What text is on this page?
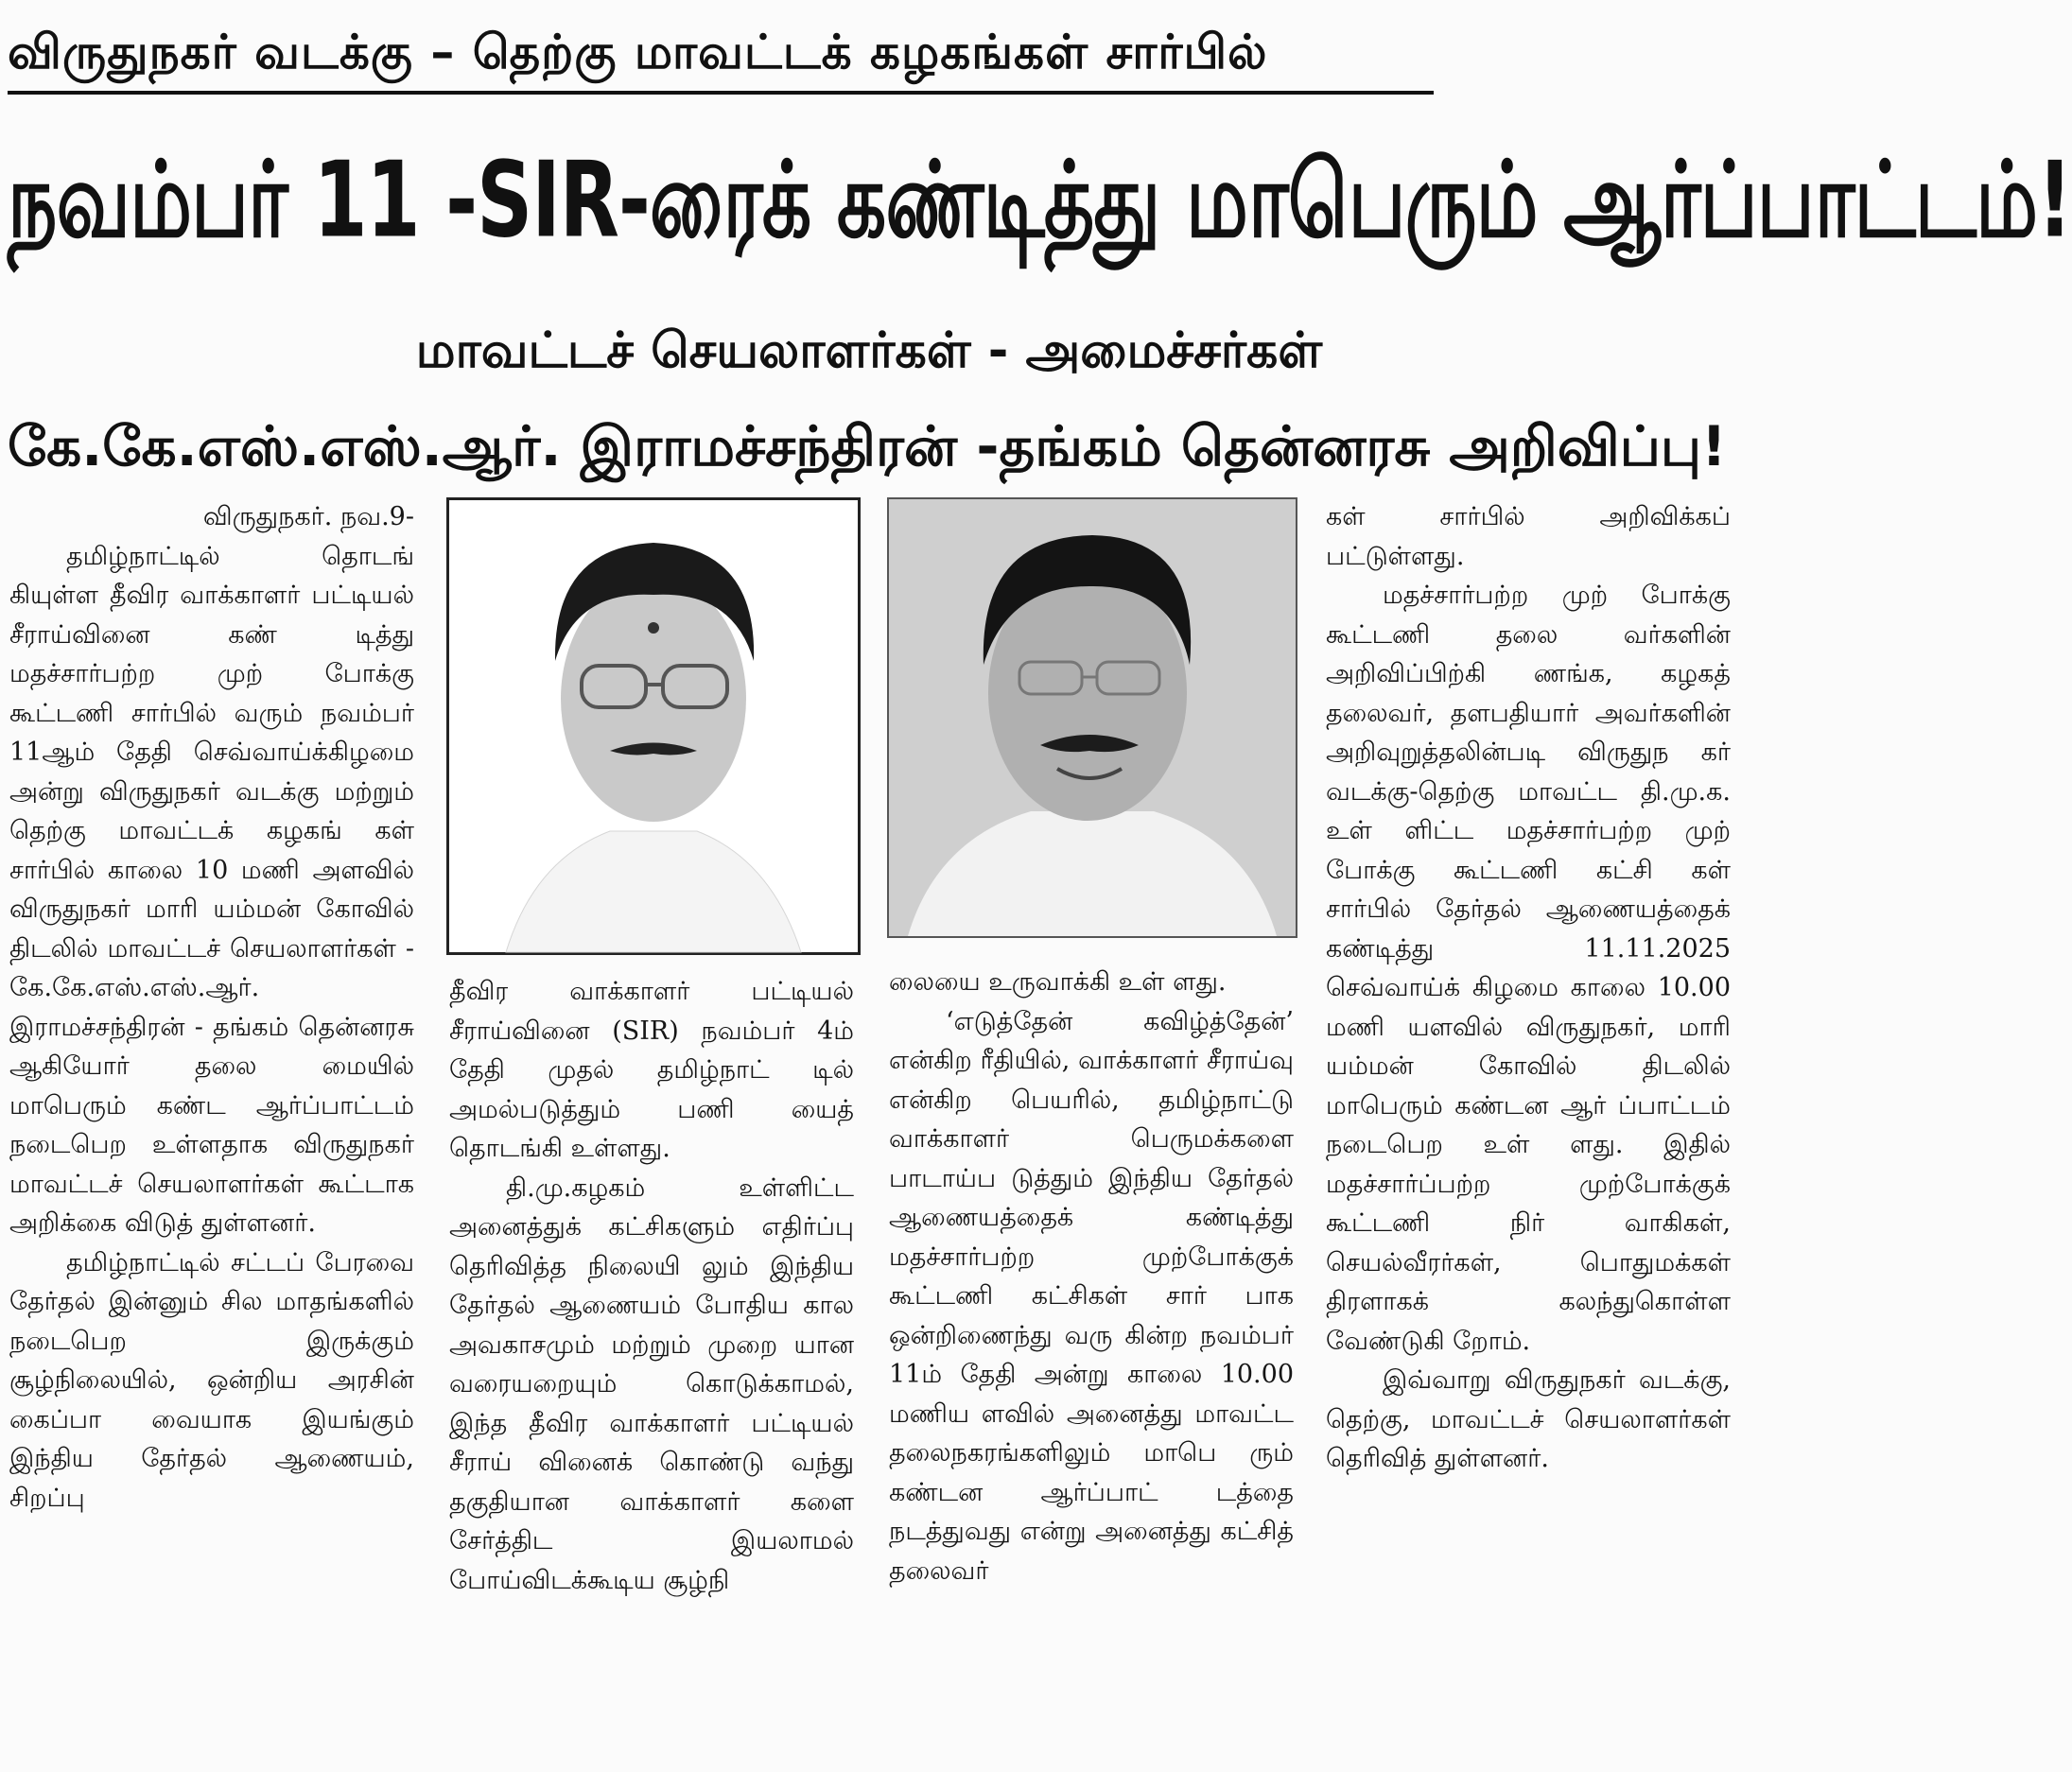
விருதுநகர் வடக்கு – தெற்கு மாவட்டக் கழகங்கள் சார்பில்
நவம்பர் 11 -SIR-ரைக் கண்டித்து மாபெரும் ஆர்ப்பாட்டம்!
மாவட்டச் செயலாளர்கள் - அமைச்சர்கள்
கே.கே.எஸ்.எஸ்.ஆர். இராமச்சந்திரன் -தங்கம் தென்னரசு அறிவிப்பு!

விருதுநகர். நவ.9-

தமிழ்நாட்டில் தொடங் கியுள்ள தீவிர வாக்காளர் பட்டியல் சீராய்வினை கண் டித்து மதச்சார்பற்ற முற் போக்கு கூட்டணி சார்பில் வரும் நவம்பர் 11ஆம் தேதி செவ்வாய்க்கிழமை அன்று விருதுநகர் வடக்கு மற்றும் தெற்கு மாவட்டக் கழகங் கள் சார்பில் காலை 10 மணி அளவில் விருதுநகர் மாரி யம்மன் கோவில் திடலில் மாவட்டச் செயலாளர்கள் - கே.கே.எஸ்.எஸ்.ஆர். இராமச்சந்திரன் - தங்கம் தென்னரசு ஆகியோர் தலை மையில் மாபெரும் கண்ட ஆர்ப்பாட்டம் நடைபெற உள்ளதாக விருதுநகர் மாவட்டச் செயலாளர்கள் கூட்டாக அறிக்கை விடுத் துள்ளனர்.

தமிழ்நாட்டில் சட்டப் பேரவை தேர்தல் இன்னும் சில மாதங்களில் நடைபெற இருக்கும் சூழ்நிலையில், ஒன்றிய அரசின் கைப்பா வையாக இயங்கும் இந்திய தேர்தல் ஆணையம், சிறப்பு

தீவிர வாக்காளர் பட்டியல் சீராய்வினை (SIR) நவம்பர் 4ம் தேதி முதல் தமிழ்நாட் டில் அமல்படுத்தும் பணி யைத் தொடங்கி உள்ளது.

தி.மு.கழகம் உள்ளிட்ட அனைத்துக் கட்சிகளும் எதிர்ப்பு தெரிவித்த நிலையி லும் இந்திய தேர்தல் ஆணையம் போதிய கால அவகாசமும் மற்றும் முறை யான வரையறையும் கொடுக்காமல், இந்த தீவிர வாக்காளர் பட்டியல் சீராய் வினைக் கொண்டு வந்து தகுதியான வாக்காளர் களை சேர்த்திட இயலாமல் போய்விடக்கூடிய சூழ்நி

லையை உருவாக்கி உள் ளது.

‘எடுத்தேன் கவிழ்த்தேன்’ என்கிற ரீதியில், வாக்காளர் சீராய்வு என்கிற பெயரில், தமிழ்நாட்டு வாக்காளர் பெருமக்களை பாடாய்ப டுத்தும் இந்திய தேர்தல் ஆணையத்தைக் கண்டித்து மதச்சார்பற்ற முற்போக்குக் கூட்டணி கட்சிகள் சார் பாக ஒன்றிணைந்து வரு கின்ற நவம்பர் 11ம் தேதி அன்று காலை 10.00 மணிய ளவில் அனைத்து மாவட்ட தலைநகரங்களிலும் மாபெ ரும் கண்டன ஆர்ப்பாட் டத்தை நடத்துவது என்று அனைத்து கட்சித் தலைவர்

கள் சார்பில் அறிவிக்கப் பட்டுள்ளது.

மதச்சார்பற்ற முற் போக்கு கூட்டணி தலை வர்களின் அறிவிப்பிற்கி ணங்க, கழகத் தலைவர், தளபதியார் அவர்களின் அறிவுறுத்தலின்படி விருதுந கர் வடக்கு-தெற்கு மாவட்ட தி.மு.க. உள் ளிட்ட மதச்சார்பற்ற முற் போக்கு கூட்டணி கட்சி கள் சார்பில் தேர்தல் ஆணையத்தைக் கண்டித்து 11.11.2025 செவ்வாய்க் கிழமை காலை 10.00 மணி யளவில் விருதுநகர், மாரி யம்மன் கோவில் திடலில் மாபெரும் கண்டன ஆர் ப்பாட்டம் நடைபெற உள் ளது. இதில் மதச்சார்ப்பற்ற முற்போக்குக் கூட்டணி நிர் வாகிகள், செயல்வீரர்கள், பொதுமக்கள் திரளாகக் கலந்துகொள்ள வேண்டுகி றோம்.

இவ்வாறு விருதுநகர் வடக்கு, தெற்கு, மாவட்டச் செயலாளர்கள் தெரிவித் துள்ளனர்.
